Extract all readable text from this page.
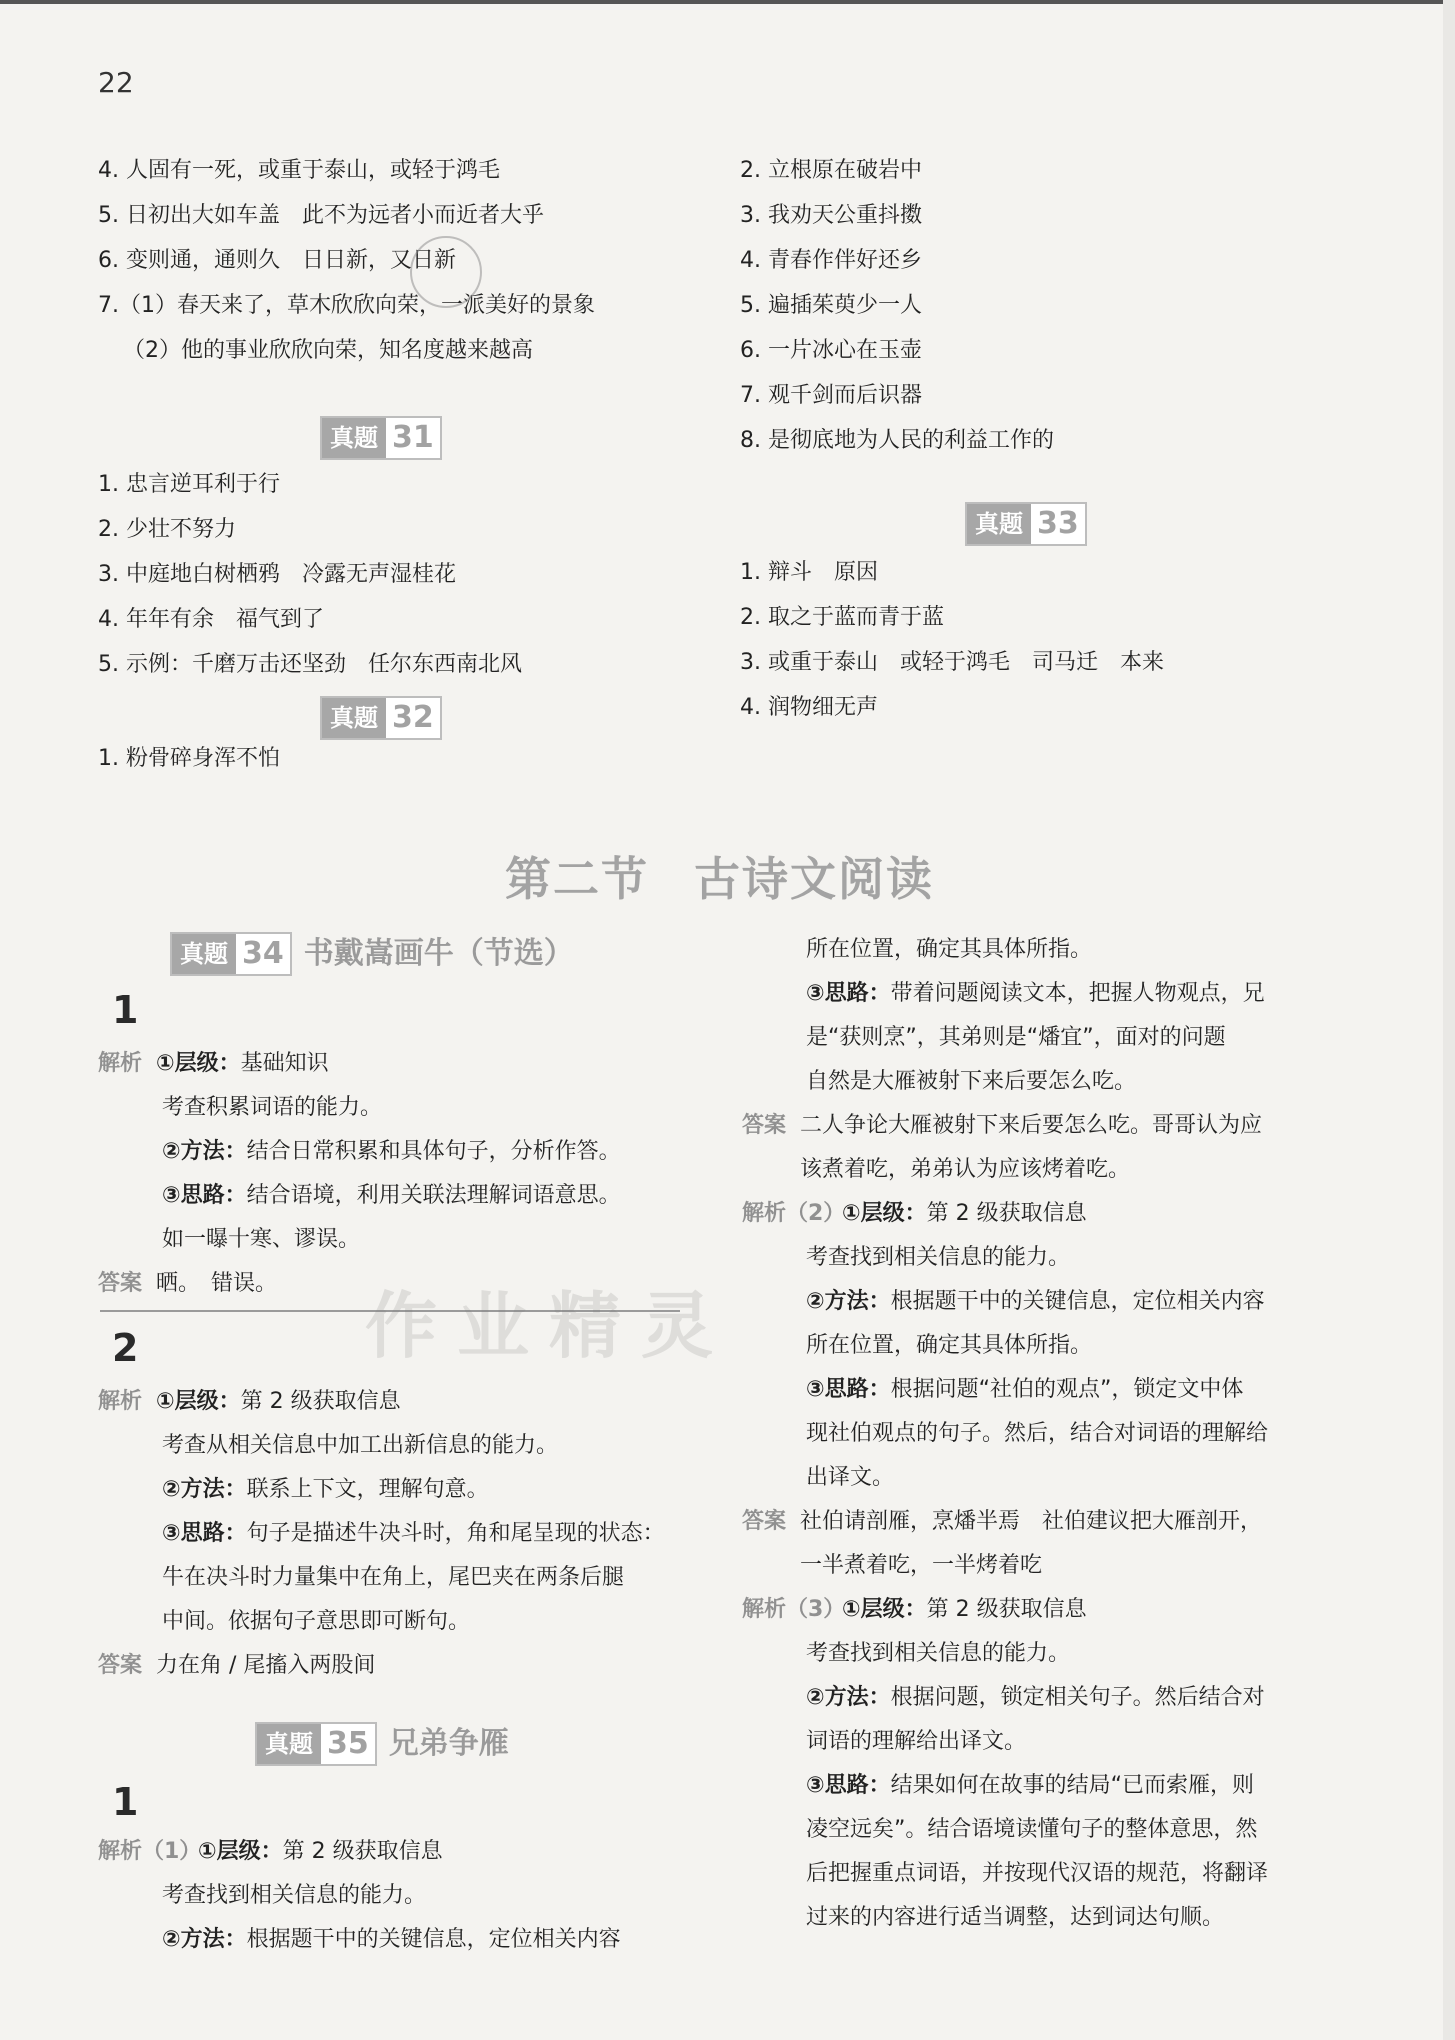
22
4. 人固有一死，或重于泰山，或轻于鸿毛
5. 日初出大如车盖　此不为远者小而近者大乎
6. 变则通，通则久　日日新，又日新
7.（1）春天来了，草木欣欣向荣，一派美好的景象
（2）他的事业欣欣向荣，知名度越来越高
真题 31
1. 忠言逆耳利于行
2. 少壮不努力
3. 中庭地白树栖鸦　冷露无声湿桂花
4. 年年有余　福气到了
5. 示例：千磨万击还坚劲　任尔东西南北风
真题 32
1. 粉骨碎身浑不怕
2. 立根原在破岩中
3. 我劝天公重抖擞
4. 青春作伴好还乡
5. 遍插茱萸少一人
6. 一片冰心在玉壶
7. 观千剑而后识器
8. 是彻底地为人民的利益工作的
真题 33
1. 辩斗　原因
2. 取之于蓝而青于蓝
3. 或重于泰山　或轻于鸿毛　司马迁　本来
4. 润物细无声
第二节 古诗文阅读
真题 34 书戴嵩画牛（节选）
1
解析 ①层级：基础知识
考查积累词语的能力。
②方法：结合日常积累和具体句子，分析作答。
③思路：结合语境，利用关联法理解词语意思。
如一曝十寒、谬误。
答案 晒。　错误。
作业精灵
2
解析 ①层级：第 2 级获取信息
考查从相关信息中加工出新信息的能力。
②方法：联系上下文，理解句意。
③思路：句子是描述牛决斗时，角和尾呈现的状态：
牛在决斗时力量集中在角上，尾巴夹在两条后腿
中间。依据句子意思即可断句。
答案 力在角 / 尾搐入两股间
真题 35 兄弟争雁
1
解析（1）
①层级：第 2 级获取信息
考查找到相关信息的能力。
②方法：根据题干中的关键信息，定位相关内容
所在位置，确定其具体所指。
③思路：带着问题阅读文本，把握人物观点，兄
是“获则烹”，其弟则是“燔宜”，面对的问题
自然是大雁被射下来后要怎么吃。
答案 二人争论大雁被射下来后要怎么吃。哥哥认为应
该煮着吃，弟弟认为应该烤着吃。
解析（2）
①层级：第 2 级获取信息
考查找到相关信息的能力。
②方法：根据题干中的关键信息，定位相关内容
所在位置，确定其具体所指。
③思路：根据问题“社伯的观点”，锁定文中体
现社伯观点的句子。然后，结合对词语的理解给
出译文。
答案 社伯请剖雁，烹燔半焉　社伯建议把大雁剖开，
一半煮着吃，一半烤着吃
解析（3）
①层级：第 2 级获取信息
考查找到相关信息的能力。
②方法：根据问题，锁定相关句子。然后结合对
词语的理解给出译文。
③思路：结果如何在故事的结局“已而索雁，则
凌空远矣”。结合语境读懂句子的整体意思，然
后把握重点词语，并按现代汉语的规范，将翻译
过来的内容进行适当调整，达到词达句顺。
